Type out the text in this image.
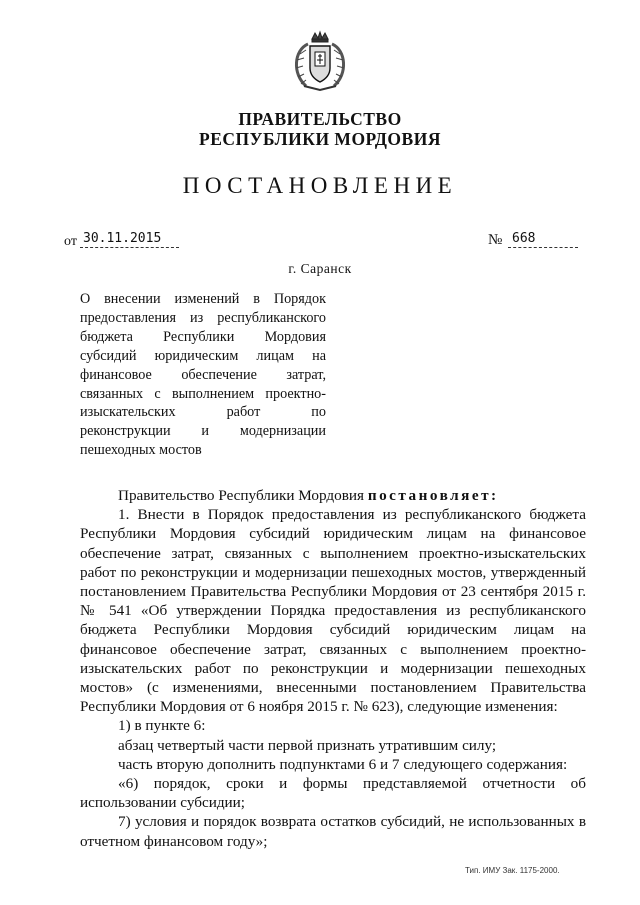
ПРАВИТЕЛЬСТВО
РЕСПУБЛИКИ МОРДОВИЯ
ПОСТАНОВЛЕНИЕ
от 30.11.2015	№ 668
г. Саранск
О внесении изменений в Порядок
предоставления из республиканского
бюджета Республики Мордовия
субсидий юридическим лицам на
финансовое обеспечение затрат,
связанных с выполнением проектно-
изыскательских работ по
реконструкции и модернизации
пешеходных мостов
Правительство Республики Мордовия постановляет:
1. Внести в Порядок предоставления из республиканского бюджета
Республики Мордовия субсидий юридическим лицам на финансовое
обеспечение затрат, связанных с выполнением проектно-изыскательских
работ по реконструкции и модернизации пешеходных мостов, утвержденный
постановлением Правительства Республики Мордовия от 23 сентября 2015 г.
№ 541 «Об утверждении Порядка предоставления из республиканского
бюджета Республики Мордовия субсидий юридическим лицам на
финансовое обеспечение затрат, связанных с выполнением проектно-
изыскательских работ по реконструкции и модернизации пешеходных
мостов» (с изменениями, внесенными постановлением Правительства
Республики Мордовия от 6 ноября 2015 г. № 623), следующие изменения:
1) в пункте 6:
абзац четвертый части первой признать утратившим силу;
часть вторую дополнить подпунктами 6 и 7 следующего содержания:
«6) порядок, сроки и формы представляемой отчетности об
использовании субсидии;
7) условия и порядок возврата остатков субсидий, не использованных в
отчетном финансовом году»;
Тип. ИМУ Зак. 1175-2000.
